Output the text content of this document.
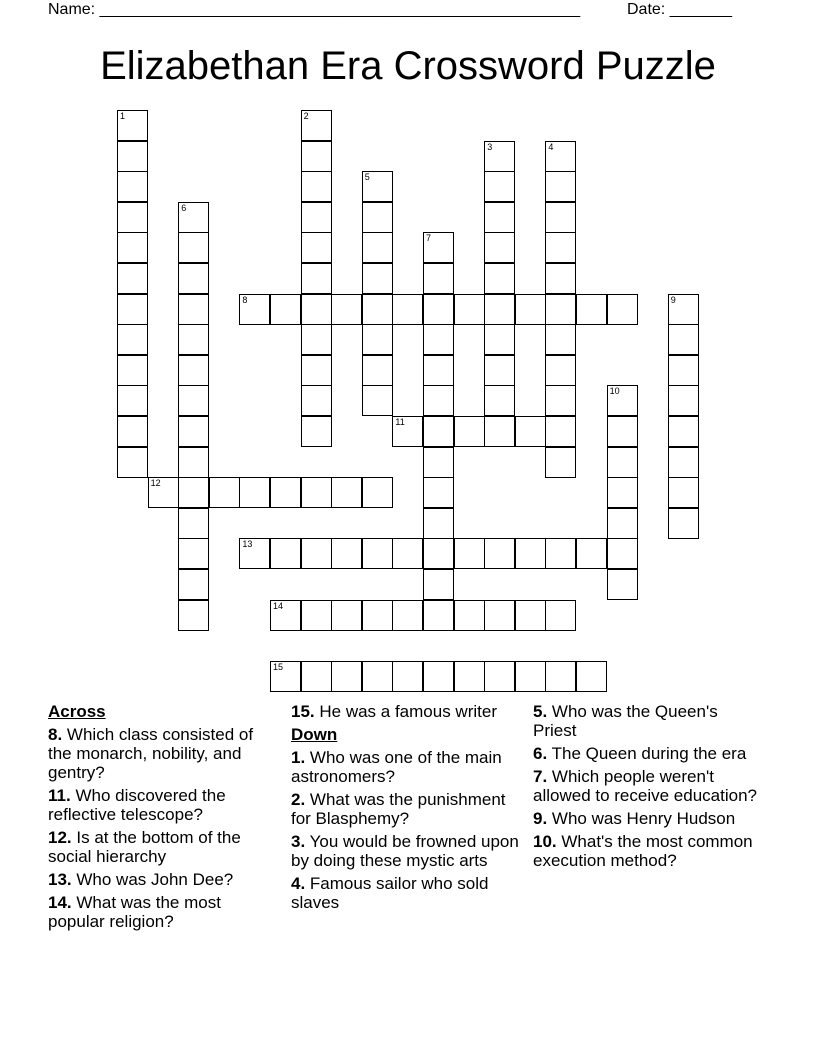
Name: ______________________________________________________	Date: _______
Elizabethan Era Crossword Puzzle
1	2
3	4
5
6
7
8	9
10
11
12
13
14
15
Across
8. Which class consisted of the monarch, nobility, and gentry?
11. Who discovered the reflective telescope?
12. Is at the bottom of the social hierarchy
13. Who was John Dee?
14. What was the most popular religion?
15. He was a famous writer
Down
1. Who was one of the main astronomers?
2. What was the punishment for Blasphemy?
3. You would be frowned upon by doing these mystic arts
4. Famous sailor who sold slaves
5. Who was the Queen's Priest
6. The Queen during the era
7. Which people weren't allowed to receive education?
9. Who was Henry Hudson
10. What's the most common execution method?
